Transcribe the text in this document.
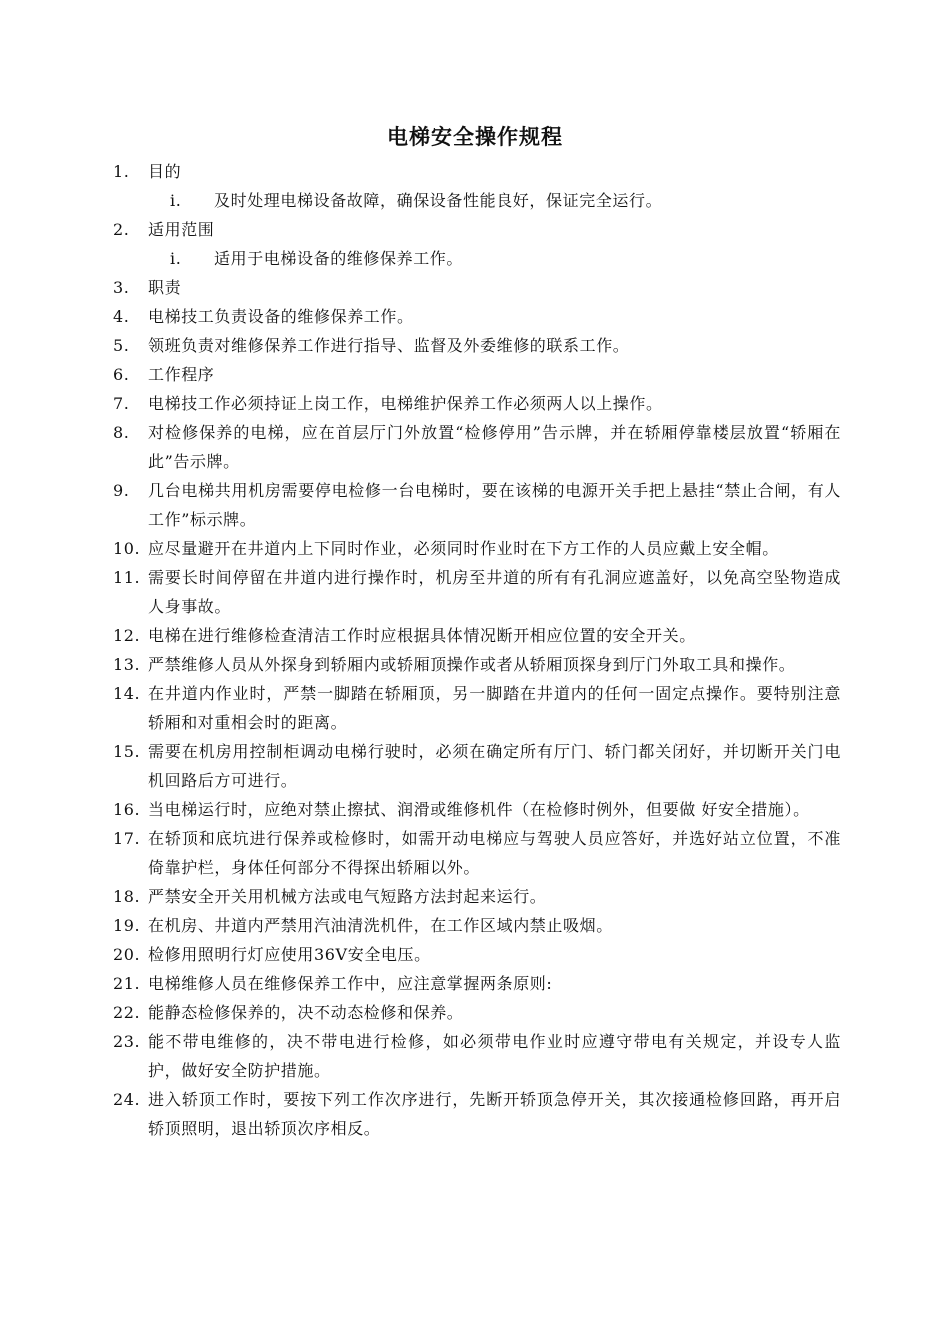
电梯安全操作规程
1. 目的
i. 及时处理电梯设备故障，确保设备性能良好，保证完全运行。
2. 适用范围
i. 适用于电梯设备的维修保养工作。
3. 职责
4. 电梯技工负责设备的维修保养工作。
5. 领班负责对维修保养工作进行指导、监督及外委维修的联系工作。
6. 工作程序
7. 电梯技工作必须持证上岗工作，电梯维护保养工作必须两人以上操作。
8. 对检修保养的电梯，应在首层厅门外放置“检修停用”告示牌，并在轿厢停靠楼层放置“轿厢在此”告示牌。
9. 几台电梯共用机房需要停电检修一台电梯时，要在该梯的电源开关手把上悬挂“禁止合闸，有人工作”标示牌。
10. 应尽量避开在井道内上下同时作业，必须同时作业时在下方工作的人员应戴上安全帽。
11. 需要长时间停留在井道内进行操作时，机房至井道的所有有孔洞应遮盖好，以免高空坠物造成人身事故。
12. 电梯在进行维修检查清洁工作时应根据具体情况断开相应位置的安全开关。
13. 严禁维修人员从外探身到轿厢内或轿厢顶操作或者从轿厢顶探身到厅门外取工具和操作。
14. 在井道内作业时，严禁一脚踏在轿厢顶，另一脚踏在井道内的任何一固定点操作。要特别注意轿厢和对重相会时的距离。
15. 需要在机房用控制柜调动电梯行驶时，必须在确定所有厅门、轿门都关闭好，并切断开关门电机回路后方可进行。
16. 当电梯运行时，应绝对禁止擦拭、润滑或维修机件（在检修时例外，但要做 好安全措施）。
17. 在轿顶和底坑进行保养或检修时，如需开动电梯应与驾驶人员应答好，并选好站立位置，不准倚靠护栏，身体任何部分不得探出轿厢以外。
18. 严禁安全开关用机械方法或电气短路方法封起来运行。
19. 在机房、井道内严禁用汽油清洗机件，在工作区域内禁止吸烟。
20. 检修用照明行灯应使用36V安全电压。
21. 电梯维修人员在维修保养工作中，应注意掌握两条原则:
22. 能静态检修保养的，决不动态检修和保养。
23. 能不带电维修的，决不带电进行检修，如必须带电作业时应遵守带电有关规定，并设专人监护，做好安全防护措施。
24. 进入轿顶工作时，要按下列工作次序进行，先断开轿顶急停开关，其次接通检修回路，再开启轿顶照明，退出轿顶次序相反。
